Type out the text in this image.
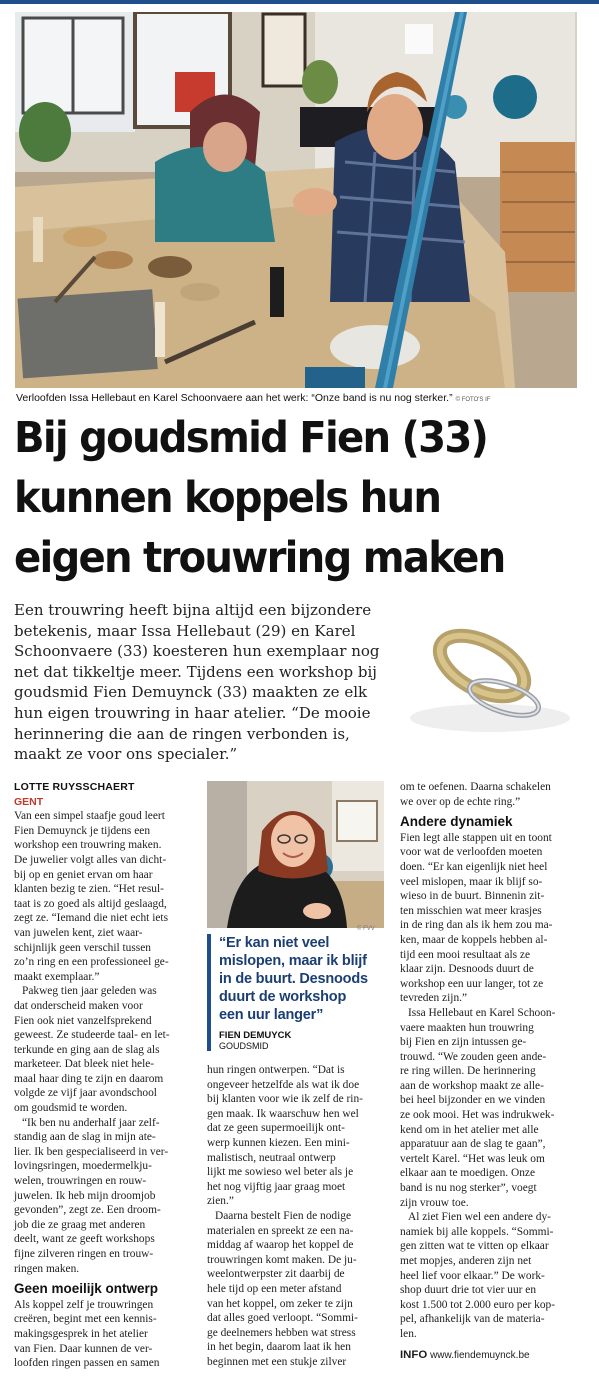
Verloofden Issa Hellebaut en Karel Schoonvaere aan het werk: “Onze band is nu nog sterker.” © FOTO'S IF
Bij goudsmid Fien (33)
kunnen koppels hun
eigen trouwring maken
Een trouwring heeft bijna altijd een bijzondere
betekenis, maar Issa Hellebaut (29) en Karel
Schoonvaere (33) koesteren hun exemplaar nog
net dat tikkeltje meer. Tijdens een workshop bij
goudsmid Fien Demuynck (33) maakten ze elk
hun eigen trouwring in haar atelier. “De mooie
herinnering die aan de ringen verbonden is,
maakt ze voor ons specialer.”
LOTTE RUYSSCHAERT
GENT
Van een simpel staafje goud leert
Fien Demuynck je tijdens een
workshop een trouwring maken.
De juwelier volgt alles van dicht-
bij op en geniet ervan om haar
klanten bezig te zien. “Het resul-
taat is zo goed als altijd geslaagd,
zegt ze. “Iemand die niet echt iets
van juwelen kent, ziet waar-
schijnlijk geen verschil tussen
zo’n ring en een professioneel ge-
maakt exemplaar.”
Pakweg tien jaar geleden was
dat onderscheid maken voor
Fien ook niet vanzelfsprekend
geweest. Ze studeerde taal- en let-
terkunde en ging aan de slag als
marketeer. Dat bleek niet hele-
maal haar ding te zijn en daarom
volgde ze vijf jaar avondschool
om goudsmid te worden.
“Ik ben nu anderhalf jaar zelf-
standig aan de slag in mijn ate-
lier. Ik ben gespecialiseerd in ver-
lovingsringen, moedermelkju-
welen, trouwringen en rouw-
juwelen. Ik heb mijn droomjob
gevonden”, zegt ze. Een droom-
job die ze graag met anderen
deelt, want ze geeft workshops
fijne zilveren ringen en trouw-
ringen maken.
Geen moeilijk ontwerp
Als koppel zelf je trouwringen
creëren, begint met een kennis-
makingsgesprek in het atelier
van Fien. Daar kunnen de ver-
loofden ringen passen en samen
© FVV
“Er kan niet veel
mislopen, maar ik blijf
in de buurt. Desnoods
duurt de workshop
een uur langer”
FIEN DEMUYCK
GOUDSMID
hun ringen ontwerpen. “Dat is
ongeveer hetzelfde als wat ik doe
bij klanten voor wie ik zelf de rin-
gen maak. Ik waarschuw hen wel
dat ze geen supermoeilijk ont-
werp kunnen kiezen. Een mini-
malistisch, neutraal ontwerp
lijkt me sowieso wel beter als je
het nog vijftig jaar graag moet
zien.”
Daarna bestelt Fien de nodige
materialen en spreekt ze een na-
middag af waarop het koppel de
trouwringen komt maken. De ju-
weelontwerpster zit daarbij de
hele tijd op een meter afstand
van het koppel, om zeker te zijn
dat alles goed verloopt. “Sommi-
ge deelnemers hebben wat stress
in het begin, daarom laat ik hen
beginnen met een stukje zilver
om te oefenen. Daarna schakelen
we over op de echte ring.”
Andere dynamiek
Fien legt alle stappen uit en toont
voor wat de verloofden moeten
doen. “Er kan eigenlijk niet heel
veel mislopen, maar ik blijf so-
wieso in de buurt. Binnenin zit-
ten misschien wat meer krasjes
in de ring dan als ik hem zou ma-
ken, maar de koppels hebben al-
tijd een mooi resultaat als ze
klaar zijn. Desnoods duurt de
workshop een uur langer, tot ze
tevreden zijn.”
Issa Hellebaut en Karel Schoon-
vaere maakten hun trouwring
bij Fien en zijn intussen ge-
trouwd. “We zouden geen ande-
re ring willen. De herinnering
aan de workshop maakt ze alle-
bei heel bijzonder en we vinden
ze ook mooi. Het was indrukwek-
kend om in het atelier met alle
apparatuur aan de slag te gaan”,
vertelt Karel. “Het was leuk om
elkaar aan te moedigen. Onze
band is nu nog sterker”, voegt
zijn vrouw toe.
Al ziet Fien wel een andere dy-
namiek bij alle koppels. “Sommi-
gen zitten wat te vitten op elkaar
met mopjes, anderen zijn net
heel lief voor elkaar.” De work-
shop duurt drie tot vier uur en
kost 1.500 tot 2.000 euro per kop-
pel, afhankelijk van de materia-
len.
INFO www.fiendemuynck.be
